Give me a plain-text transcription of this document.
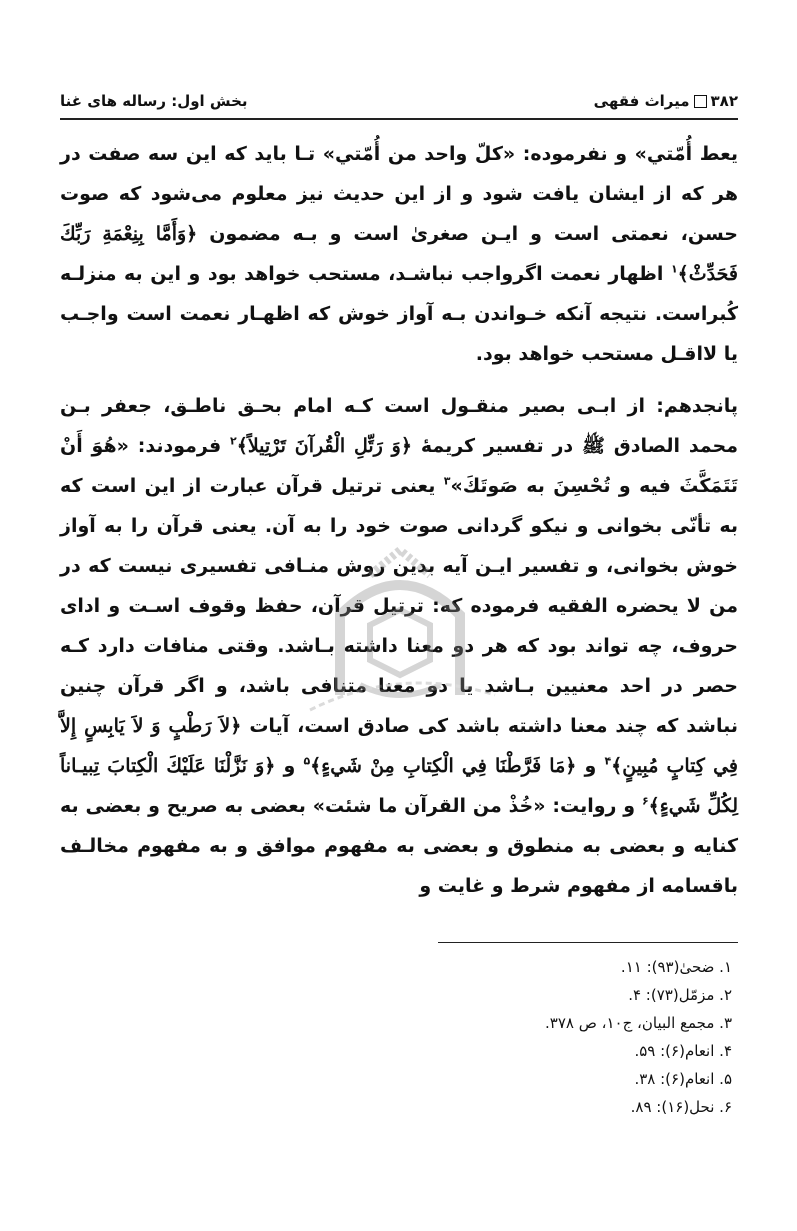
۳۸۲میراث فقهی
بخش اول: رساله های غنا

یعط أُمّتي» و نفرموده: «کلّ واحد من أُمّتي» تـا باید که این سه صفت در هر که از ایشان یافت شود و از این حدیث نیز معلوم می‌شود که صوت حسن، نعمتی است و ایـن صغریٰ است و بـه مضمون ﴿وَأَمَّا بِنِعْمَةِ رَبِّكَ فَحَدِّثْ﴾$^۱$ اظهار نعمت اگرواجب نباشـد، مستحب خواهد بود و این به منزلـه کُبراست. نتیجه آنکه خـواندن بـه آواز خوش که اظهـار نعمت است واجـب یا لااقـل مستحب خواهد بود.

پانجدهم: از ابـی بصیر منقـول است کـه امام بحـق ناطـق، جعفر بـن محمد الصادق ﷺ در تفسیر کریمهٔ ﴿وَ رَتِّلِ الْقُرآنَ تَرْتِیلاً﴾$^۲$ فرمودند: «هُوَ أَنْ تَتَمَکَّثَ فیه و تُحْسِنَ به صَوتَكَ»$^۳$ یعنی ترتیل قرآن عبارت از این است که به تأنّی بخوانی و نیکو گردانی صوت خود را به آن. یعنی قرآن را به آواز خوش بخوانی، و تفسیر ایـن آیه بدین روش منـافی تفسیری نیست که در من لا یحضره الفقیه فرموده که: ترتیل قرآن، حفظ وقوف اسـت و ادای حروف، چه تواند بود که هر دو معنا داشته بـاشد. وقتی منافات دارد کـه حصر در احد معنیین بـاشد یا دو معنا متنافی باشد، و اگر قرآن چنین نباشد که چند معنا داشته باشد کی صادق است، آیات ﴿لاَ رَطْبٍ وَ لاَ یَابِسٍ إِلاَّ فِي کِتابٍ مُبِینٍ﴾$^۴$ و ﴿مَا فَرَّطْنَا فِي الْکِتابِ مِنْ شَيءٍ﴾$^۵$ و ﴿وَ نَزَّلْنَا عَلَیْكَ الْکِتابَ تِبیـاناً لِکُلِّ شَيءٍ﴾$^۶$ و روایت: «خُذْ من القرآن ما شئت» بعضی به صریح و بعضی به کنایه و بعضی به منطوق و بعضی به مفهوم موافق و به مفهوم مخالـف باقسامه از مفهوم شرط و غایت و

۱. ضحیٰ(۹۳): ۱۱.
۲. مزمّل(۷۳): ۴.
۳. مجمع البیان، ج۱۰، ص ۳۷۸.
۴. انعام(۶): ۵۹.
۵. انعام(۶): ۳۸.
۶. نحل(۱۶): ۸۹.
